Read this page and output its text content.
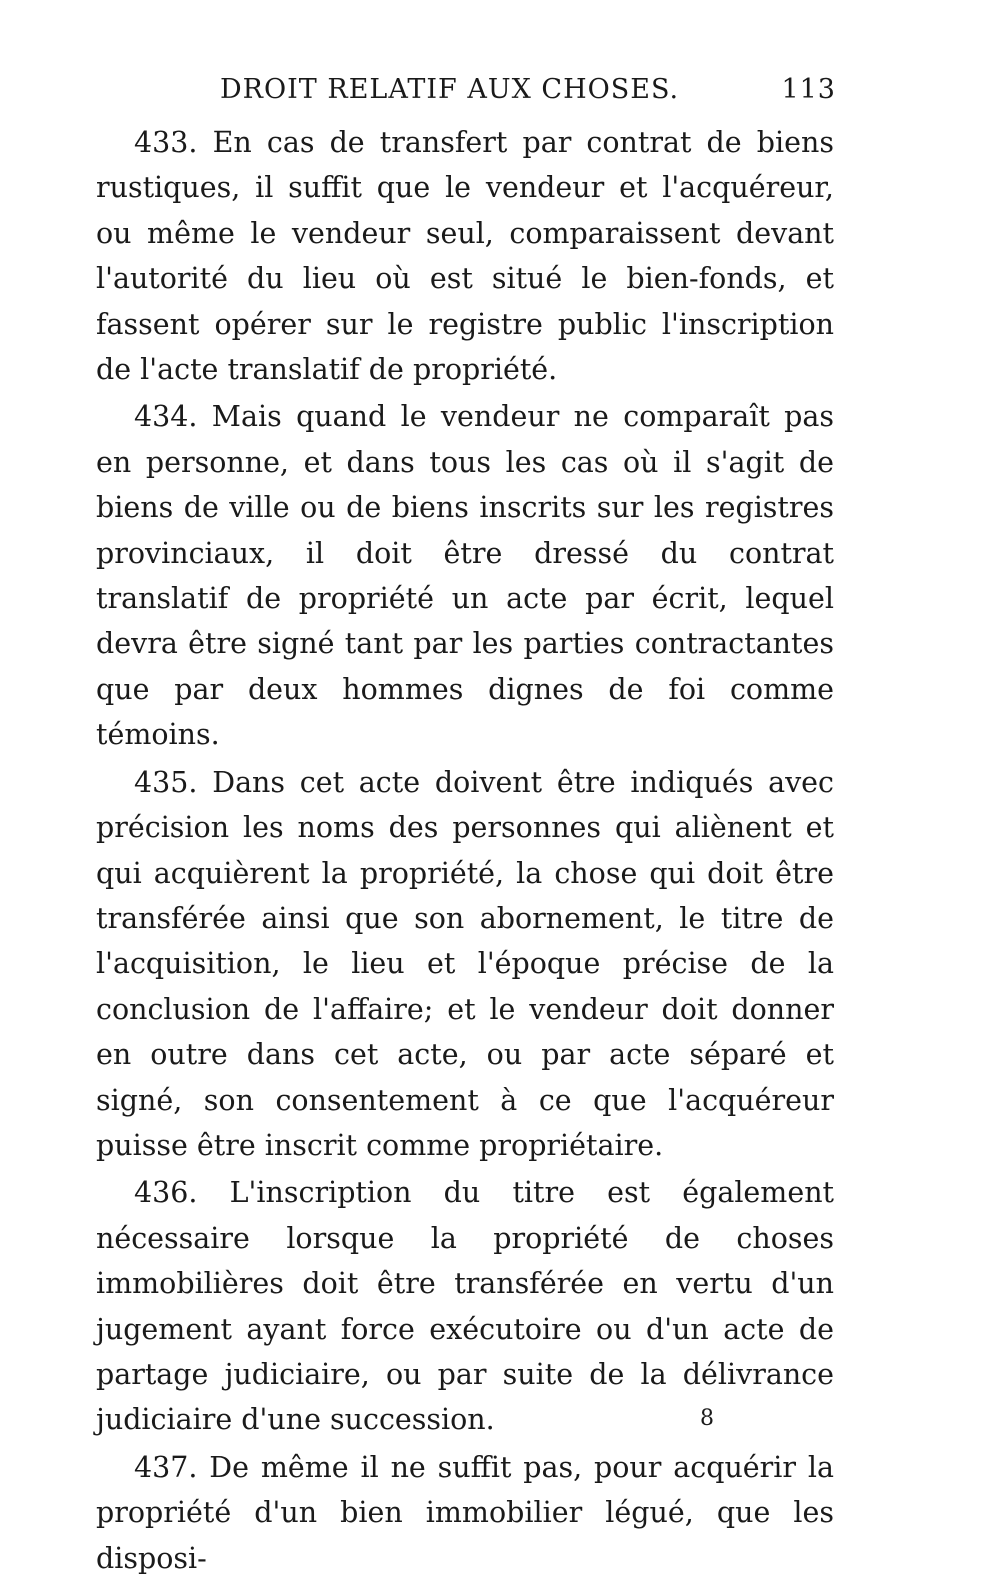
DROIT RELATIF AUX CHOSES.	113

433. En cas de transfert par contrat de biens rustiques, il suffit que le vendeur et l'acquéreur, ou même le vendeur seul, comparaissent devant l'autorité du lieu où est situé le bien-fonds, et fassent opérer sur le registre public l'inscription de l'acte translatif de propriété.

434. Mais quand le vendeur ne comparaît pas en personne, et dans tous les cas où il s'agit de biens de ville ou de biens inscrits sur les registres provinciaux, il doit être dressé du contrat translatif de propriété un acte par écrit, lequel devra être signé tant par les parties contractantes que par deux hommes dignes de foi comme témoins.

435. Dans cet acte doivent être indiqués avec précision les noms des personnes qui aliènent et qui acquièrent la propriété, la chose qui doit être transférée ainsi que son abornement, le titre de l'acquisition, le lieu et l'époque précise de la conclusion de l'affaire; et le vendeur doit donner en outre dans cet acte, ou par acte séparé et signé, son consentement à ce que l'acquéreur puisse être inscrit comme propriétaire.

436. L'inscription du titre est également nécessaire lorsque la propriété de choses immobilières doit être transférée en vertu d'un jugement ayant force exécutoire ou d'un acte de partage judiciaire, ou par suite de la délivrance judiciaire d'une succession.

437. De même il ne suffit pas, pour acquérir la propriété d'un bien immobilier légué, que les disposi-

8
